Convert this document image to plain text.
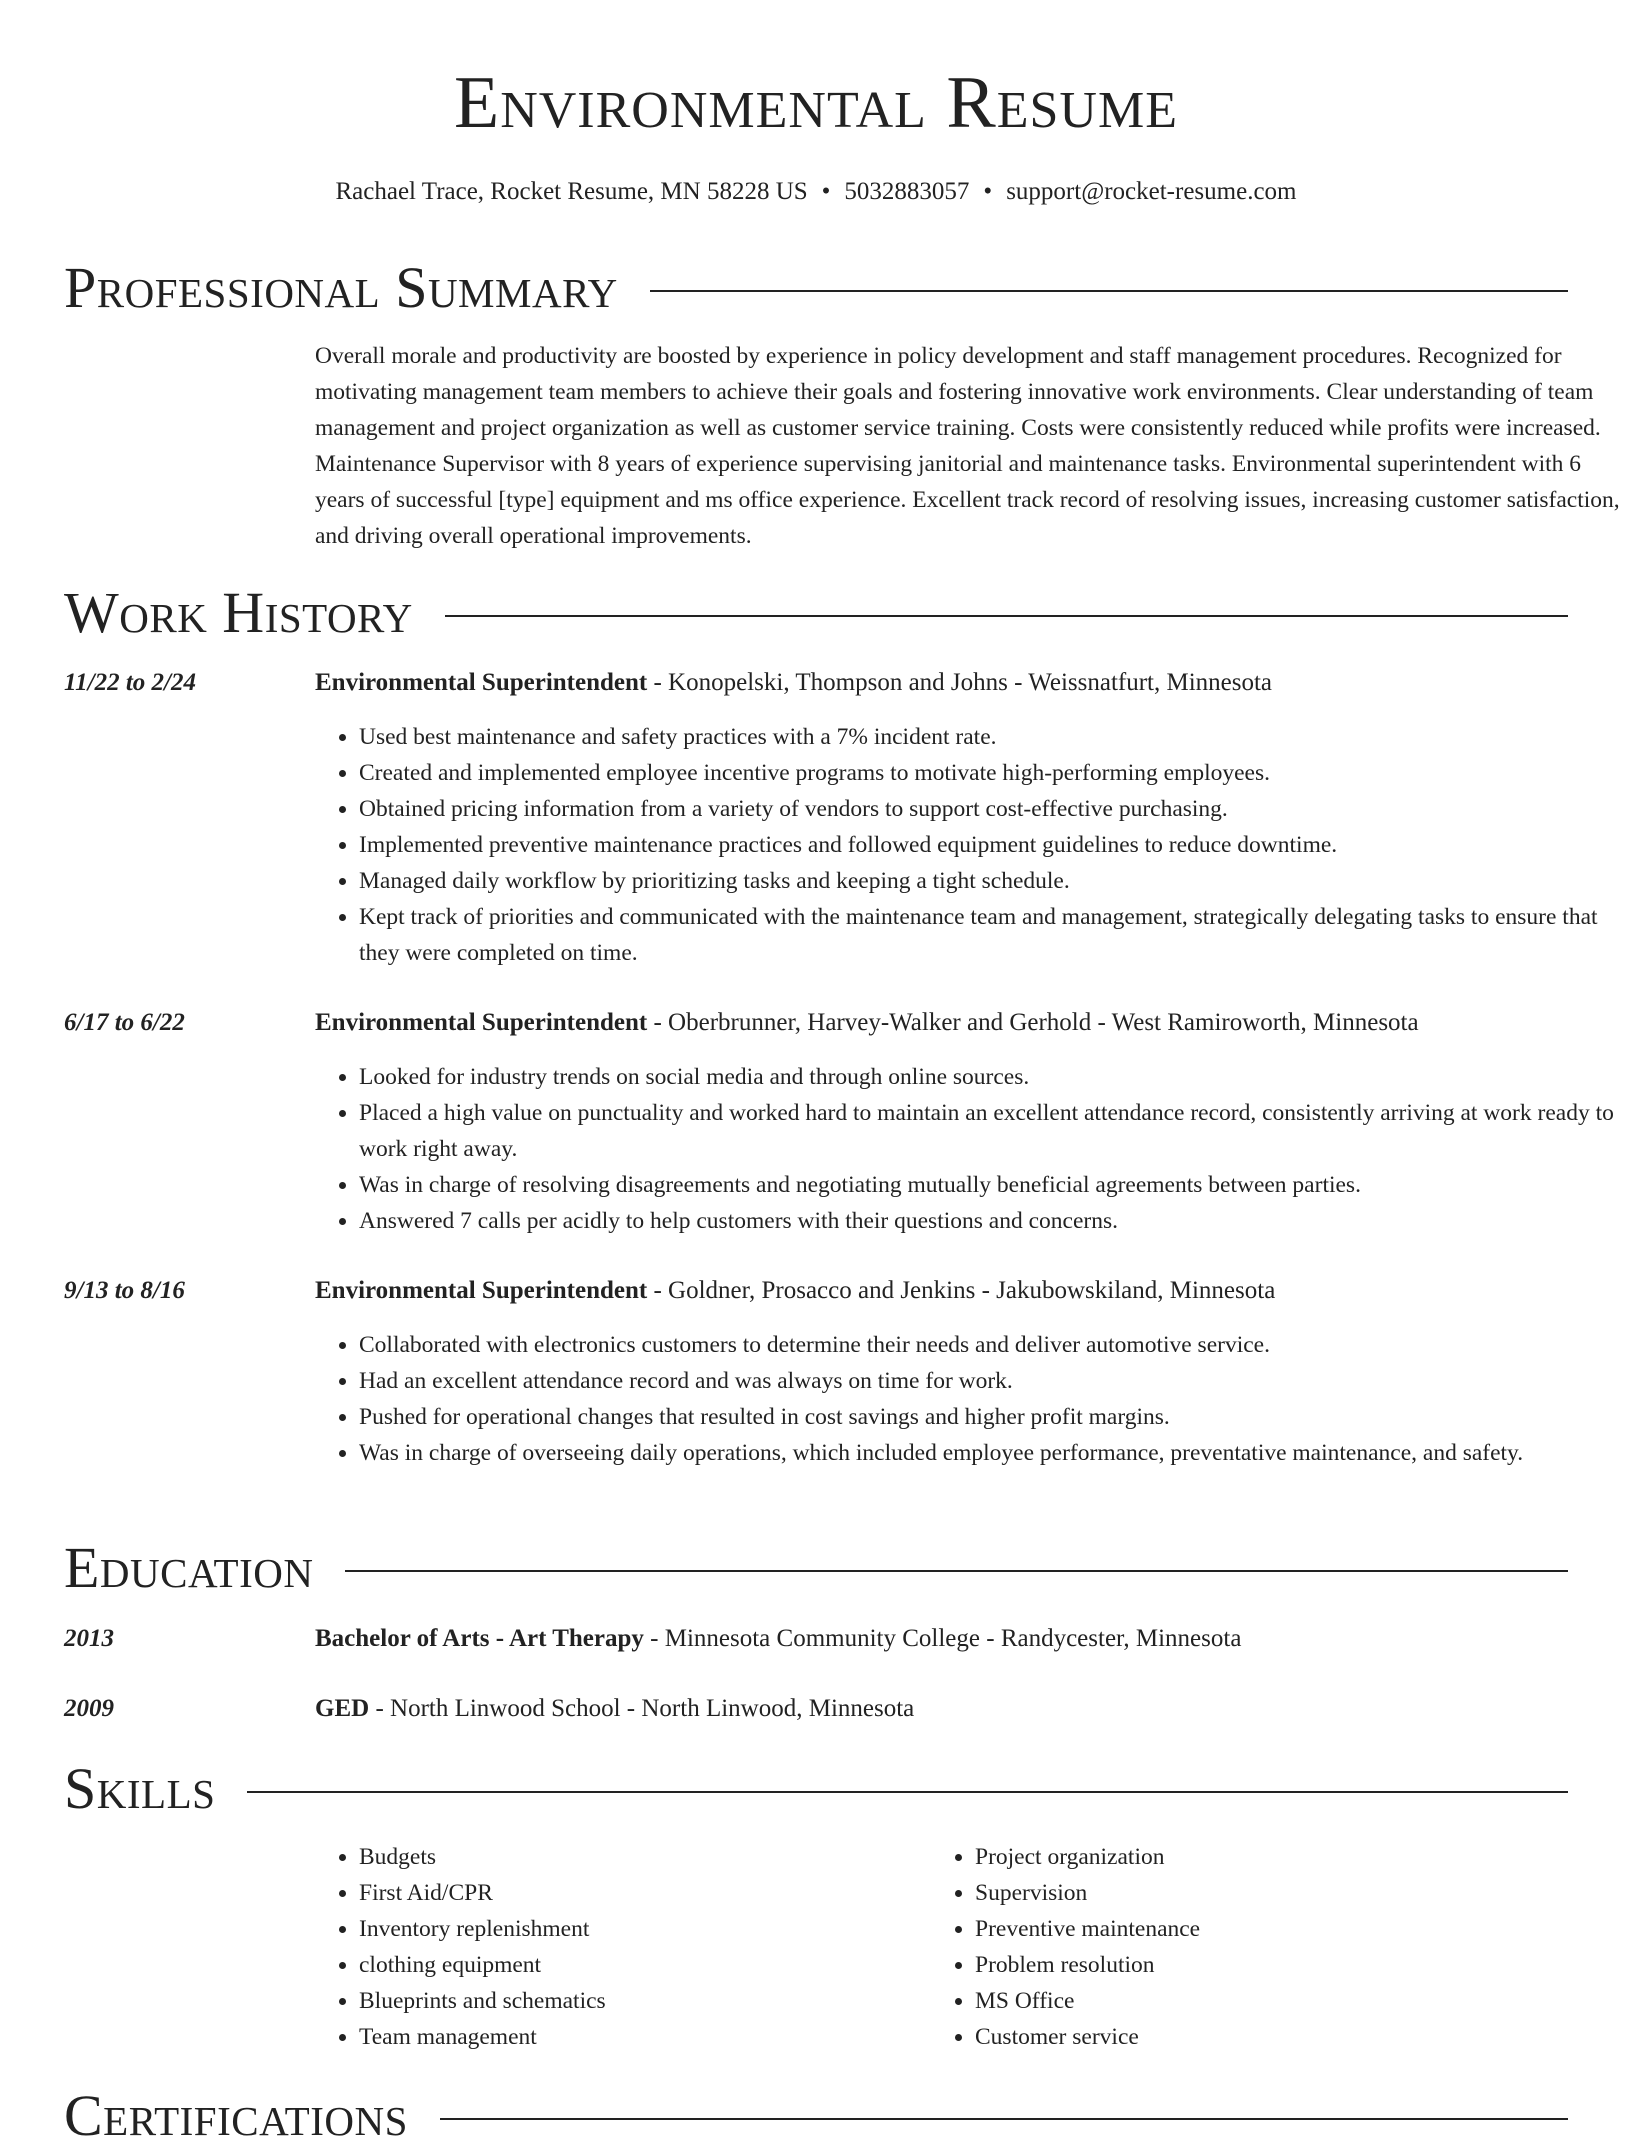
Environmental Resume
Rachael Trace, Rocket Resume, MN 58228 US • 5032883057 • support@rocket-resume.com
Professional Summary
Overall morale and productivity are boosted by experience in policy development and staff management procedures. Recognized for motivating management team members to achieve their goals and fostering innovative work environments. Clear understanding of team management and project organization as well as customer service training. Costs were consistently reduced while profits were increased. Maintenance Supervisor with 8 years of experience supervising janitorial and maintenance tasks. Environmental superintendent with 6 years of successful [type] equipment and ms office experience. Excellent track record of resolving issues, increasing customer satisfaction, and driving overall operational improvements.
Work History
11/22 to 2/24	Environmental Superintendent - Konopelski, Thompson and Johns - Weissnatfurt, Minnesota
• Used best maintenance and safety practices with a 7% incident rate.
• Created and implemented employee incentive programs to motivate high-performing employees.
• Obtained pricing information from a variety of vendors to support cost-effective purchasing.
• Implemented preventive maintenance practices and followed equipment guidelines to reduce downtime.
• Managed daily workflow by prioritizing tasks and keeping a tight schedule.
• Kept track of priorities and communicated with the maintenance team and management, strategically delegating tasks to ensure that they were completed on time.
6/17 to 6/22	Environmental Superintendent - Oberbrunner, Harvey-Walker and Gerhold - West Ramiroworth, Minnesota
• Looked for industry trends on social media and through online sources.
• Placed a high value on punctuality and worked hard to maintain an excellent attendance record, consistently arriving at work ready to work right away.
• Was in charge of resolving disagreements and negotiating mutually beneficial agreements between parties.
• Answered 7 calls per acidly to help customers with their questions and concerns.
9/13 to 8/16	Environmental Superintendent - Goldner, Prosacco and Jenkins - Jakubowskiland, Minnesota
• Collaborated with electronics customers to determine their needs and deliver automotive service.
• Had an excellent attendance record and was always on time for work.
• Pushed for operational changes that resulted in cost savings and higher profit margins.
• Was in charge of overseeing daily operations, which included employee performance, preventative maintenance, and safety.
Education
2013	Bachelor of Arts - Art Therapy - Minnesota Community College - Randycester, Minnesota
2009	GED - North Linwood School - North Linwood, Minnesota
Skills
• Budgets
• First Aid/CPR
• Inventory replenishment
• clothing equipment
• Blueprints and schematics
• Team management
• Project organization
• Supervision
• Preventive maintenance
• Problem resolution
• MS Office
• Customer service
Certifications
